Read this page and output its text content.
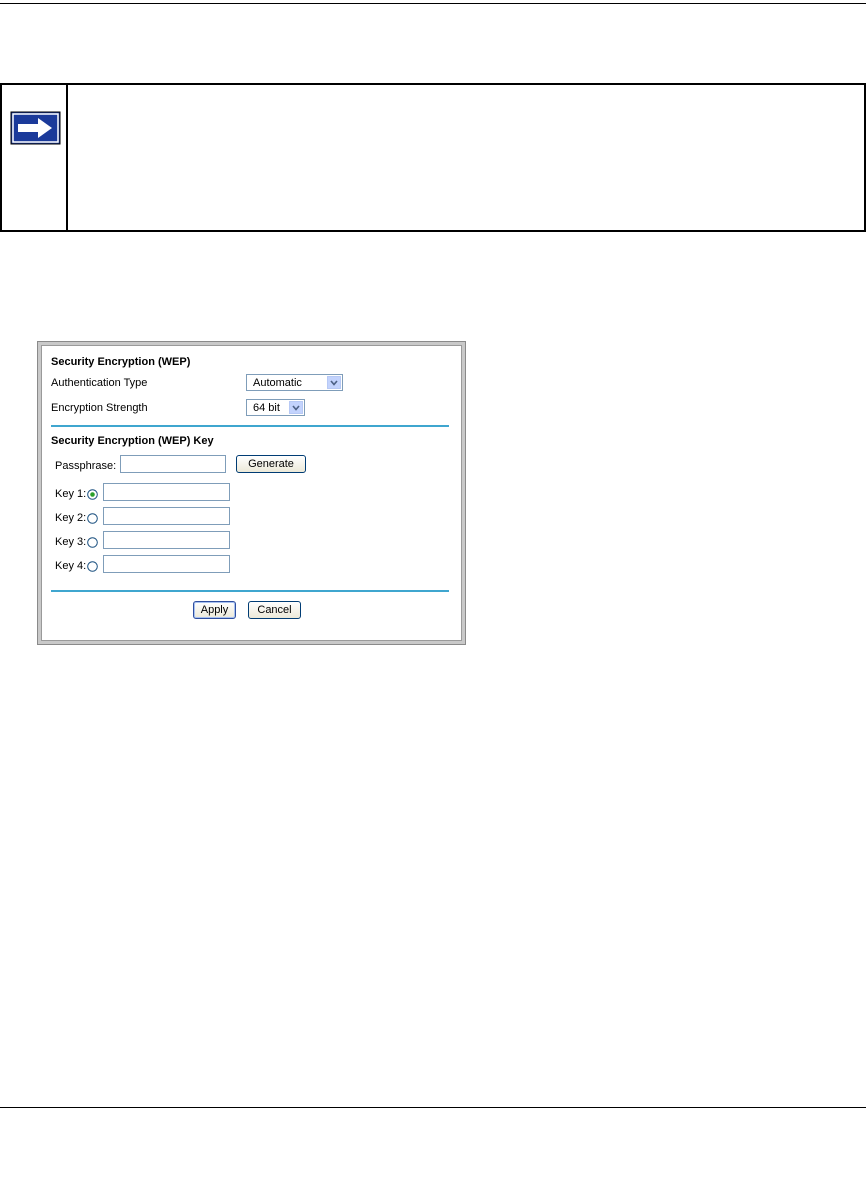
Security Encryption (WEP)
Authentication Type	Automatic
Encryption Strength	64 bit
Security Encryption (WEP) Key
Passphrase:	Generate
Key 1:
Key 2:
Key 3:
Key 4:
Apply	Cancel
